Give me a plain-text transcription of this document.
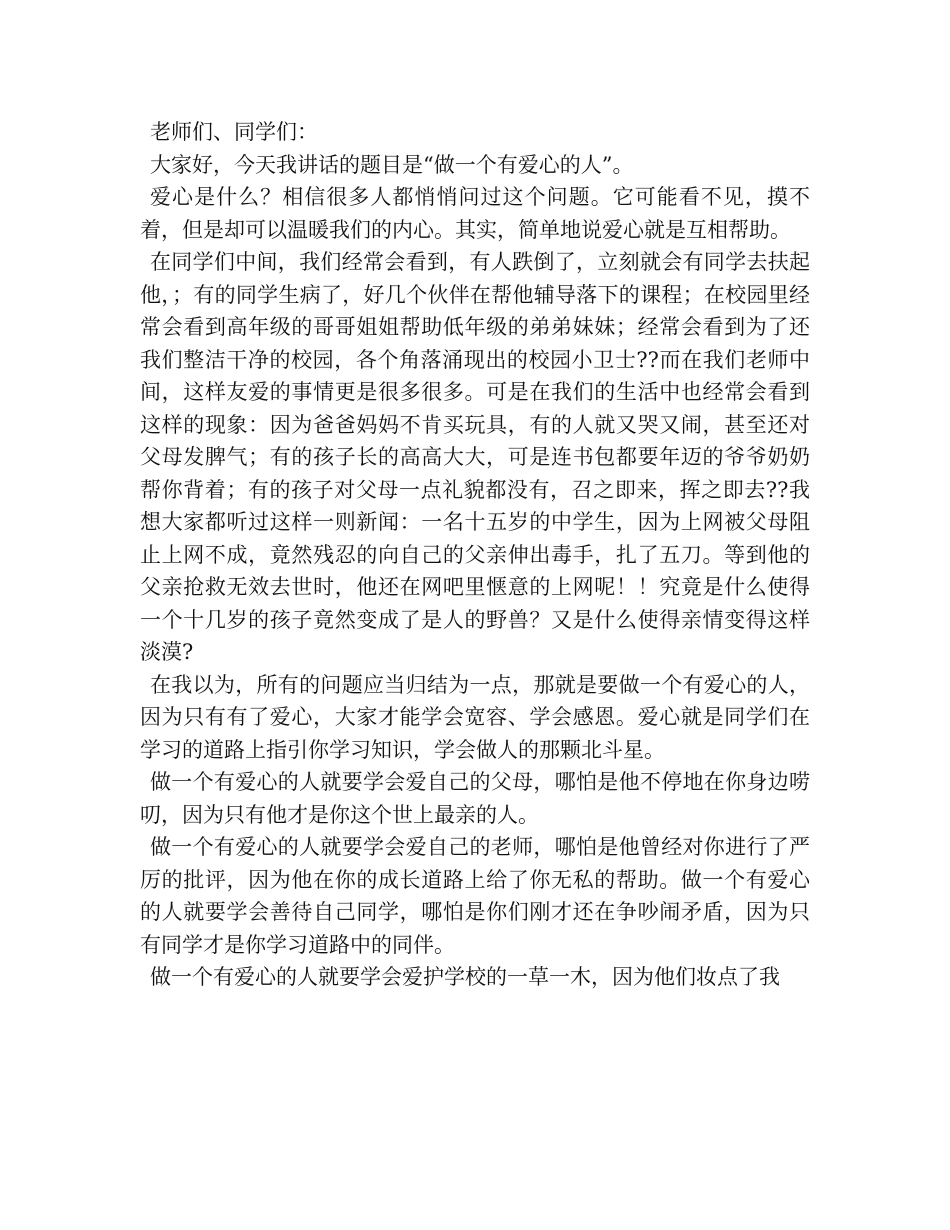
老师们、同学们：

大家好，今天我讲话的题目是“做一个有爱心的人”。

爱心是什么？相信很多人都悄悄问过这个问题。它可能看不见，摸不着，但是却可以温暖我们的内心。其实，简单地说爱心就是互相帮助。

在同学们中间，我们经常会看到，有人跌倒了，立刻就会有同学去扶起他，；有的同学生病了，好几个伙伴在帮他辅导落下的课程；在校园里经常会看到高年级的哥哥姐姐帮助低年级的弟弟妹妹；经常会看到为了还我们整洁干净的校园，各个角落涌现出的校园小卫士??而在我们老师中间，这样友爱的事情更是很多很多。可是在我们的生活中也经常会看到这样的现象：因为爸爸妈妈不肯买玩具，有的人就又哭又闹，甚至还对父母发脾气；有的孩子长的高高大大，可是连书包都要年迈的爷爷奶奶帮你背着；有的孩子对父母一点礼貌都没有，召之即来，挥之即去??我想大家都听过这样一则新闻：一名十五岁的中学生，因为上网被父母阻止上网不成，竟然残忍的向自己的父亲伸出毒手，扎了五刀。等到他的父亲抢救无效去世时，他还在网吧里惬意的上网呢！！究竟是什么使得一个十几岁的孩子竟然变成了是人的野兽？又是什么使得亲情变得这样淡漠?

在我以为，所有的问题应当归结为一点，那就是要做一个有爱心的人，因为只有有了爱心，大家才能学会宽容、学会感恩。爱心就是同学们在学习的道路上指引你学习知识，学会做人的那颗北斗星。

做一个有爱心的人就要学会爱自己的父母，哪怕是他不停地在你身边唠叨，因为只有他才是你这个世上最亲的人。

做一个有爱心的人就要学会爱自己的老师，哪怕是他曾经对你进行了严厉的批评，因为他在你的成长道路上给了你无私的帮助。做一个有爱心的人就要学会善待自己同学，哪怕是你们刚才还在争吵闹矛盾，因为只有同学才是你学习道路中的同伴。

做一个有爱心的人就要学会爱护学校的一草一木，因为他们妆点了我
